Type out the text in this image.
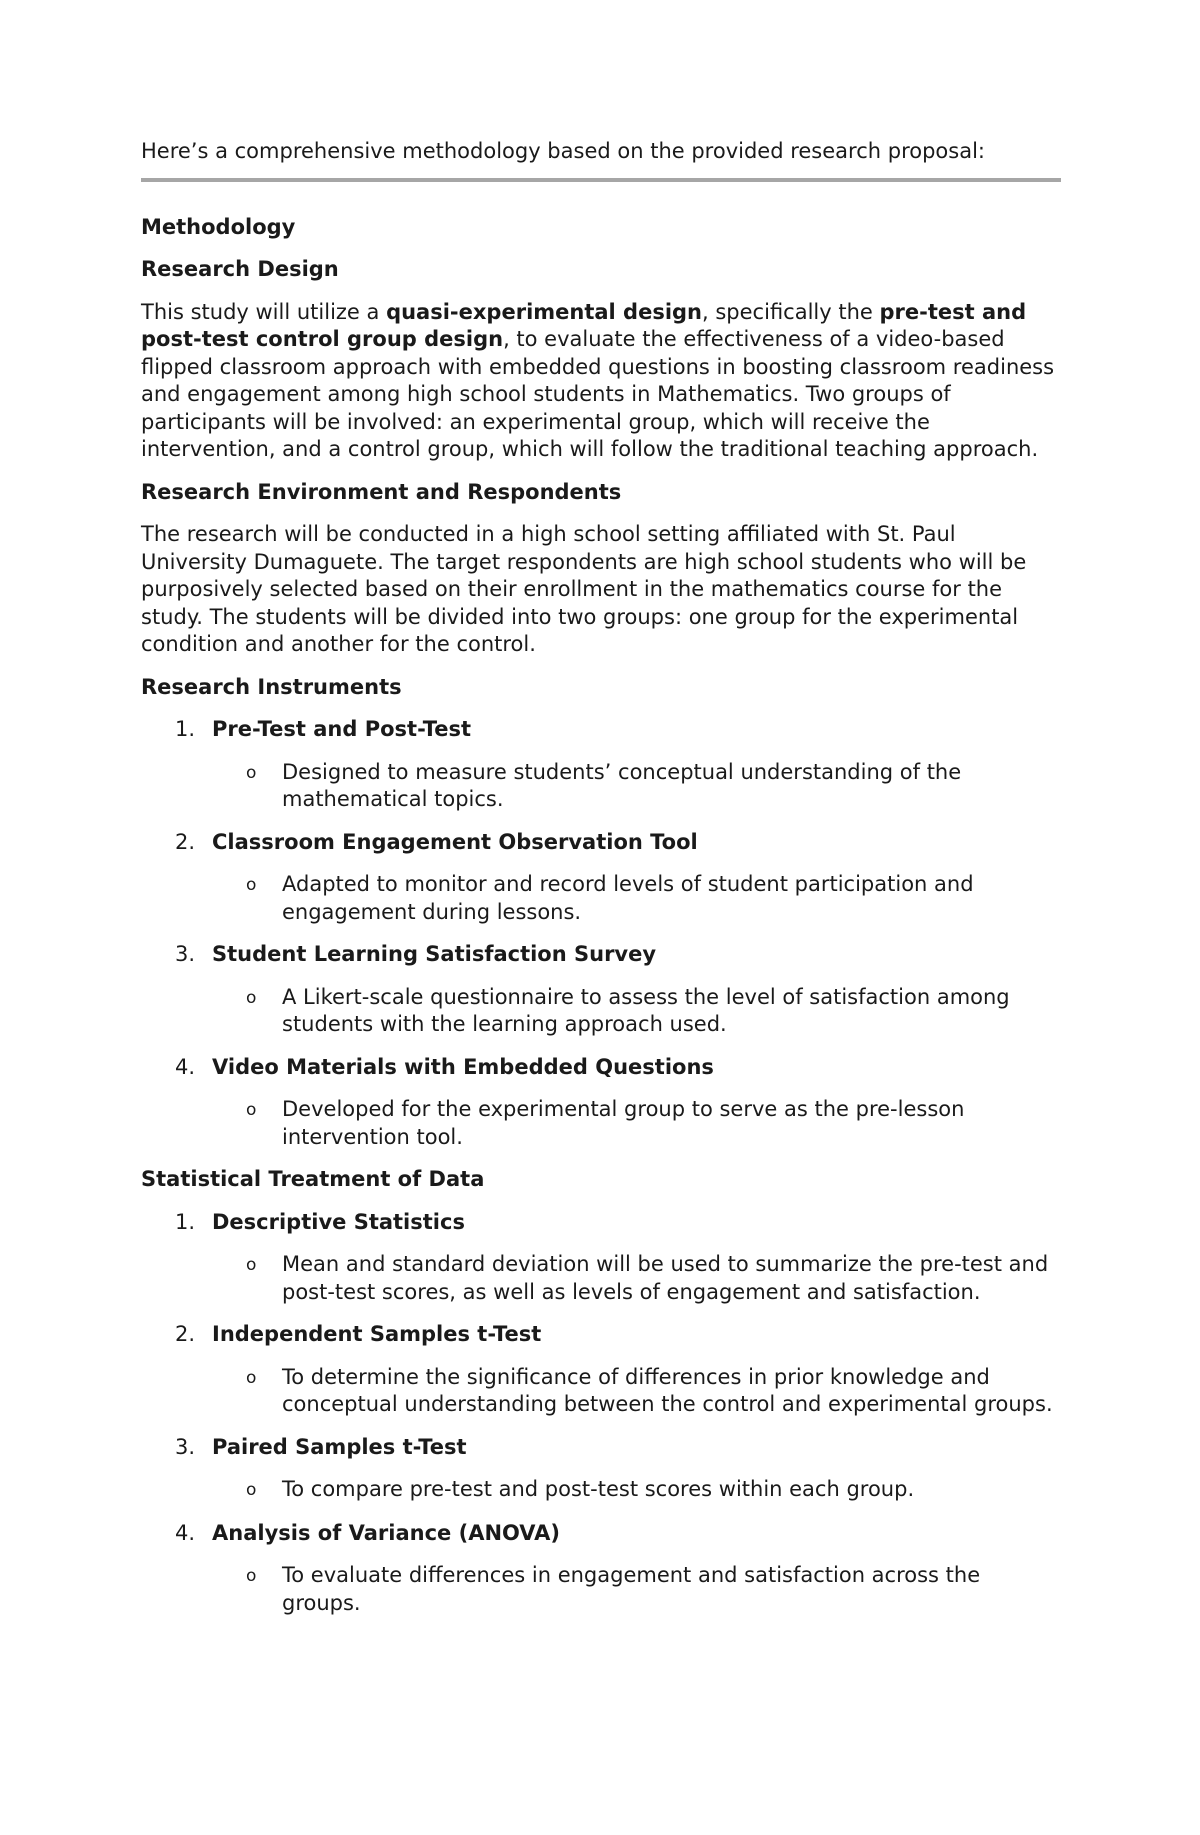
Here’s a comprehensive methodology based on the provided research proposal:

Methodology

Research Design

This study will utilize a quasi-experimental design, specifically the pre-test and post-test control group design, to evaluate the effectiveness of a video-based flipped classroom approach with embedded questions in boosting classroom readiness and engagement among high school students in Mathematics. Two groups of participants will be involved: an experimental group, which will receive the intervention, and a control group, which will follow the traditional teaching approach.

Research Environment and Respondents

The research will be conducted in a high school setting affiliated with St. Paul University Dumaguete. The target respondents are high school students who will be purposively selected based on their enrollment in the mathematics course for the study. The students will be divided into two groups: one group for the experimental condition and another for the control.

Research Instruments

1. Pre-Test and Post-Test
o	Designed to measure students’ conceptual understanding of the mathematical topics.
2. Classroom Engagement Observation Tool
o	Adapted to monitor and record levels of student participation and engagement during lessons.
3. Student Learning Satisfaction Survey
o	A Likert-scale questionnaire to assess the level of satisfaction among students with the learning approach used.
4. Video Materials with Embedded Questions
o	Developed for the experimental group to serve as the pre-lesson intervention tool.

Statistical Treatment of Data

1. Descriptive Statistics
o	Mean and standard deviation will be used to summarize the pre-test and post-test scores, as well as levels of engagement and satisfaction.
2. Independent Samples t-Test
o	To determine the significance of differences in prior knowledge and conceptual understanding between the control and experimental groups.
3. Paired Samples t-Test
o	To compare pre-test and post-test scores within each group.
4. Analysis of Variance (ANOVA)
o	To evaluate differences in engagement and satisfaction across the groups.
